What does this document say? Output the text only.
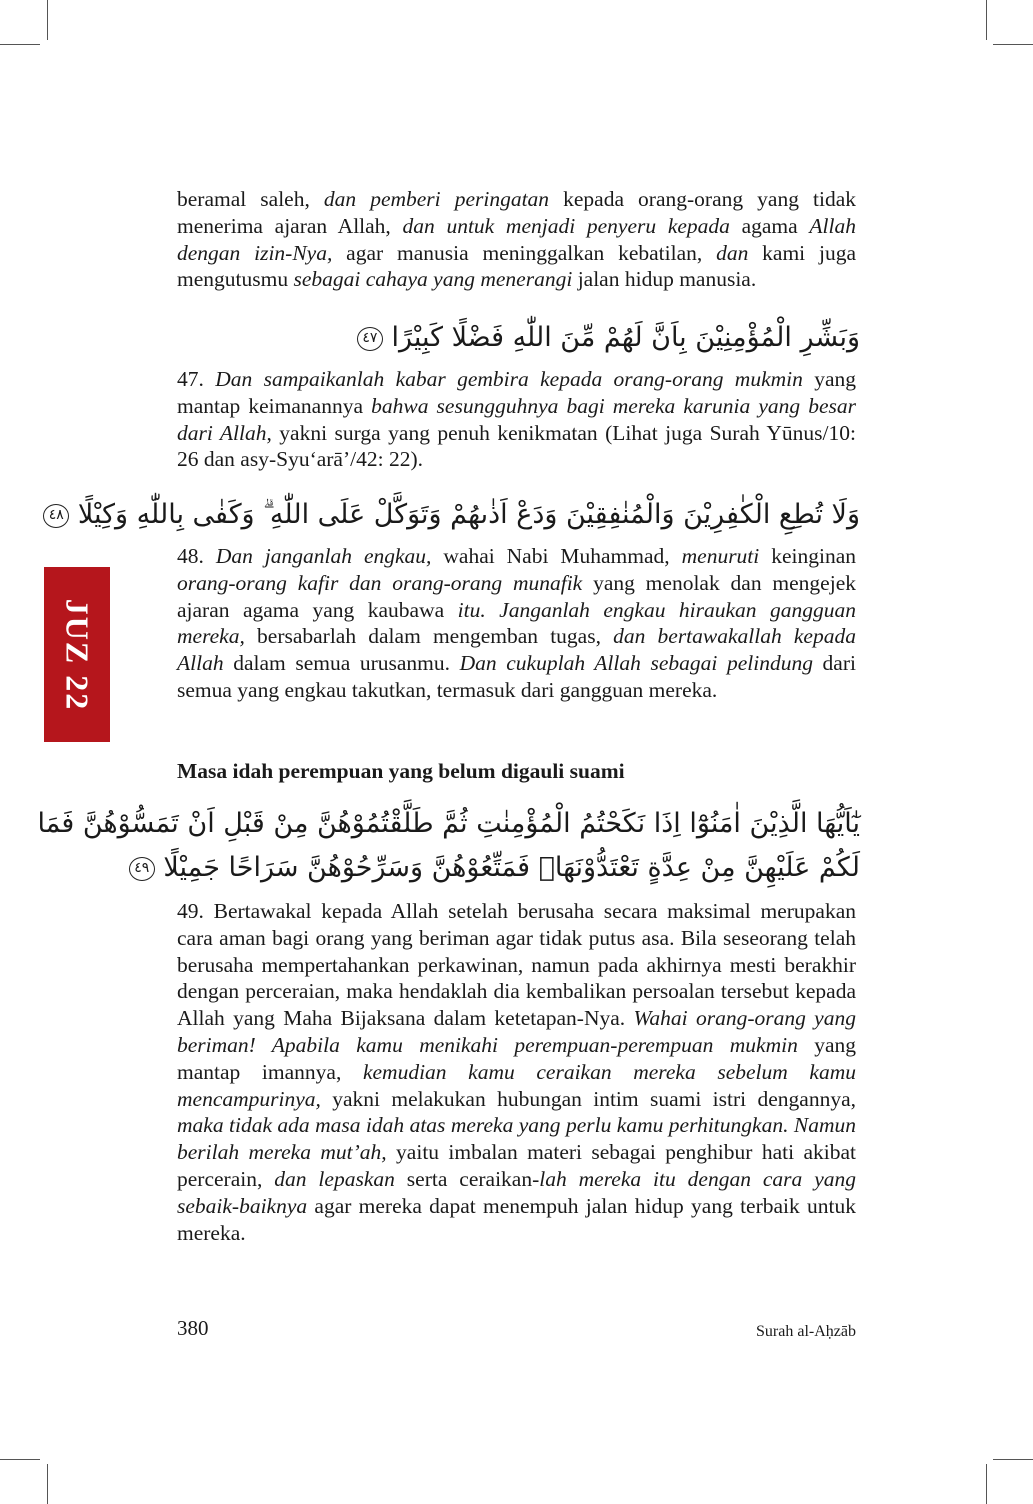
JUZ 22
beramal saleh, dan pemberi peringatan kepada orang-orang yang tidak menerima ajaran Allah, dan untuk menjadi penyeru kepada agama Allah dengan izin-Nya, agar manusia meninggalkan kebatilan, dan kami juga mengutusmu sebagai cahaya yang menerangi jalan hidup manusia.
وَبَشِّرِ الْمُؤْمِنِيْنَ بِاَنَّ لَهُمْ مِّنَ اللّٰهِ فَضْلًا كَبِيْرًا ٤٧
47. Dan sampaikanlah kabar gembira kepada orang-orang mukmin yang mantap keimanannya bahwa sesungguhnya bagi mereka karunia yang besar dari Allah, yakni surga yang penuh kenikmatan (Lihat juga Surah Yūnus/10: 26 dan asy-Syu‘arā’/42: 22).
وَلَا تُطِعِ الْكٰفِرِيْنَ وَالْمُنٰفِقِيْنَ وَدَعْ اَذٰىهُمْ وَتَوَكَّلْ عَلَى اللّٰهِ ۗ وَكَفٰى بِاللّٰهِ وَكِيْلًا ٤٨
48. Dan janganlah engkau, wahai Nabi Muhammad, menuruti keinginan orang-orang kafir dan orang-orang munafik yang menolak dan mengejek ajaran agama yang kaubawa itu. Janganlah engkau hiraukan gangguan mereka, bersabarlah dalam mengemban tugas, dan bertawakallah kepada Allah dalam semua urusanmu. Dan cukuplah Allah sebagai pelindung dari semua yang engkau takutkan, termasuk dari gangguan mereka.
Masa idah perempuan yang belum digauli suami
يٰٓاَيُّهَا الَّذِيْنَ اٰمَنُوْٓا اِذَا نَكَحْتُمُ الْمُؤْمِنٰتِ ثُمَّ طَلَّقْتُمُوْهُنَّ مِنْ قَبْلِ اَنْ تَمَسُّوْهُنَّ فَمَا
لَكُمْ عَلَيْهِنَّ مِنْ عِدَّةٍ تَعْتَدُّوْنَهَاۚ فَمَتِّعُوْهُنَّ وَسَرِّحُوْهُنَّ سَرَاحًا جَمِيْلًا ٤٩
49. Bertawakal kepada Allah setelah berusaha secara maksimal merupakan cara aman bagi orang yang beriman agar tidak putus asa. Bila seseorang telah berusaha mempertahankan perkawinan, namun pada akhirnya mesti berakhir dengan perceraian, maka hendaklah dia kembalikan persoalan tersebut kepada Allah yang Maha Bijaksana dalam ketetapan-Nya. Wahai orang-orang yang beriman! Apabila kamu menikahi perempuan-perempuan mukmin yang mantap imannya, kemudian kamu ceraikan mereka sebelum kamu mencampurinya, yakni melakukan hubungan intim suami istri dengannya, maka tidak ada masa idah atas mereka yang perlu kamu perhitungkan. Namun berilah mereka mut’ah, yaitu imbalan materi sebagai penghibur hati akibat percerain, dan lepaskan serta ceraikan-lah mereka itu dengan cara yang sebaik-baiknya agar mereka dapat menempuh jalan hidup yang terbaik untuk mereka.
380	Surah al-Aḥzāb
